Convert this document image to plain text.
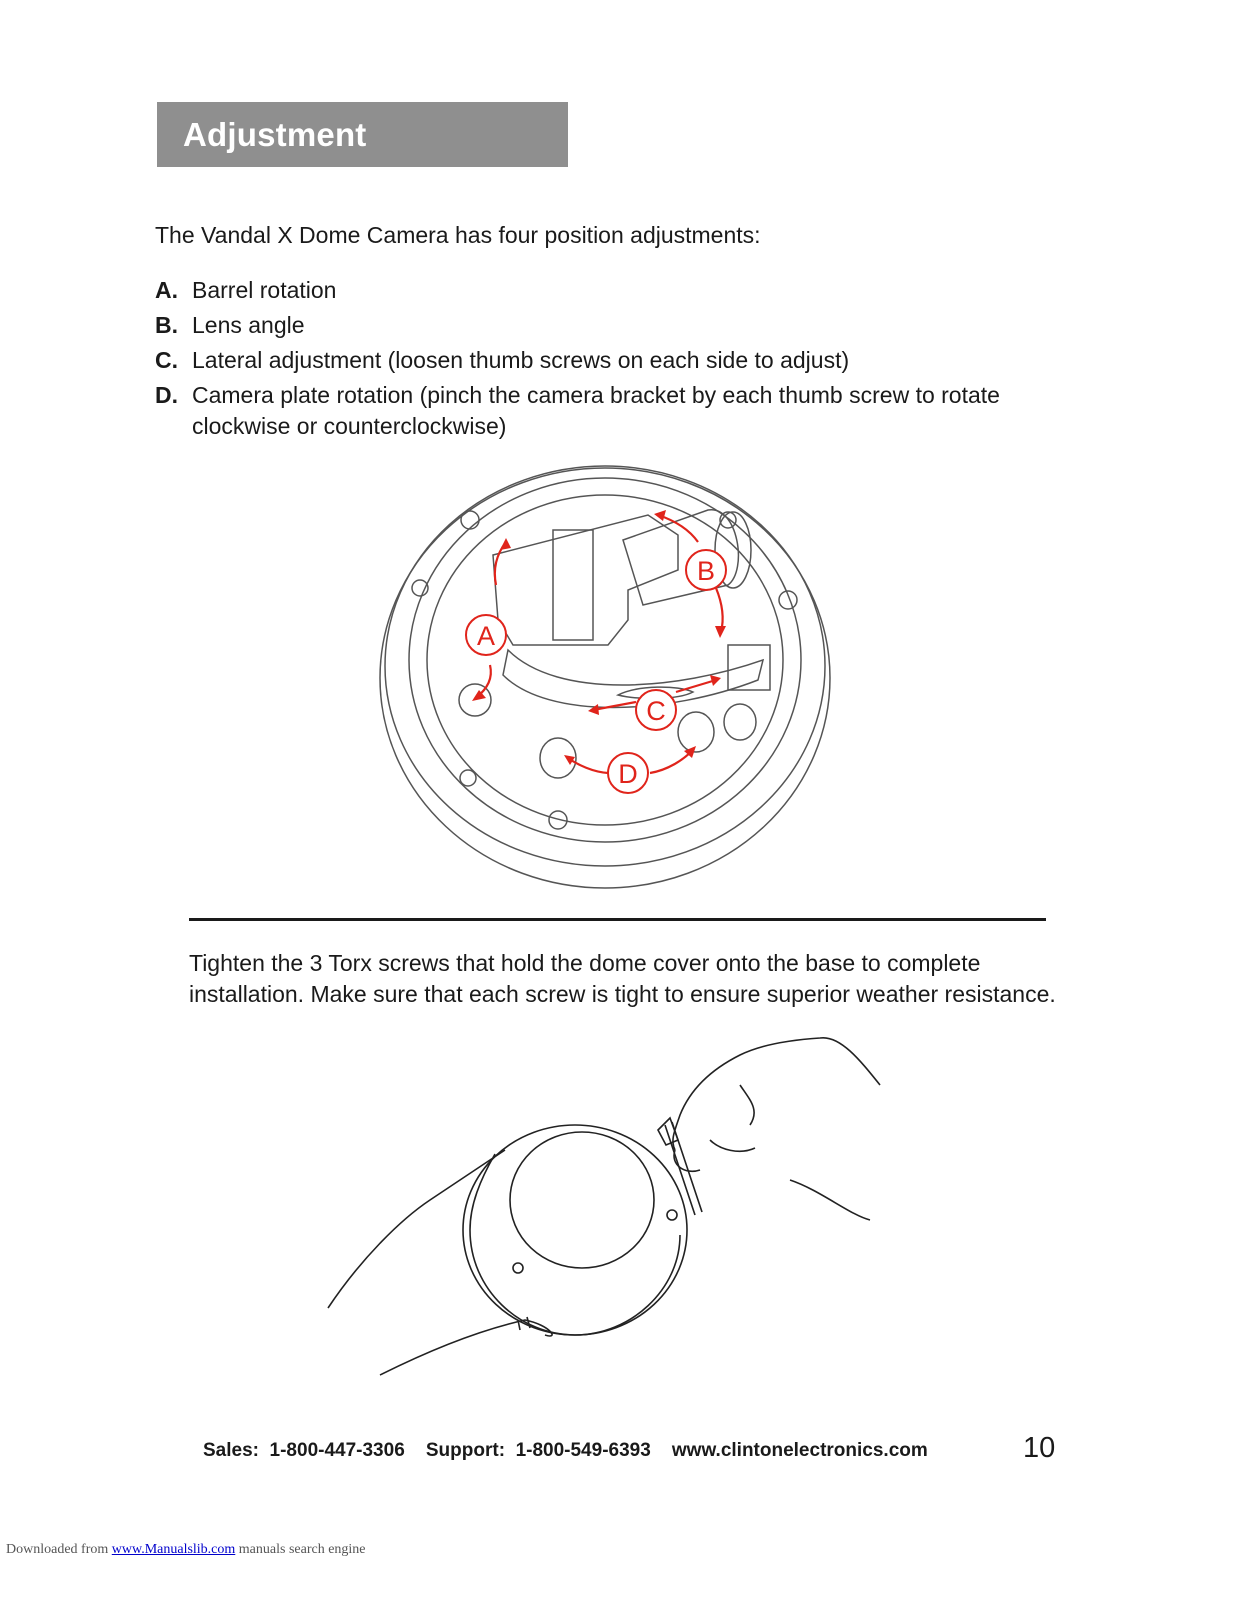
Adjustment
The Vandal X Dome Camera has four position adjustments:
A. Barrel rotation
B. Lens angle
C. Lateral adjustment (loosen thumb screws on each side to adjust)
D. Camera plate rotation (pinch the camera bracket by each thumb screw to rotate clockwise or counterclockwise)
A
B
C
D
Tighten the 3 Torx screws that hold the dome cover onto the base to complete installation. Make sure that each screw is tight to ensure superior weather resistance.
Sales:  1-800-447-3306    Support:  1-800-549-6393    www.clintonelectronics.com	10
Downloaded from www.Manualslib.com manuals search engine
